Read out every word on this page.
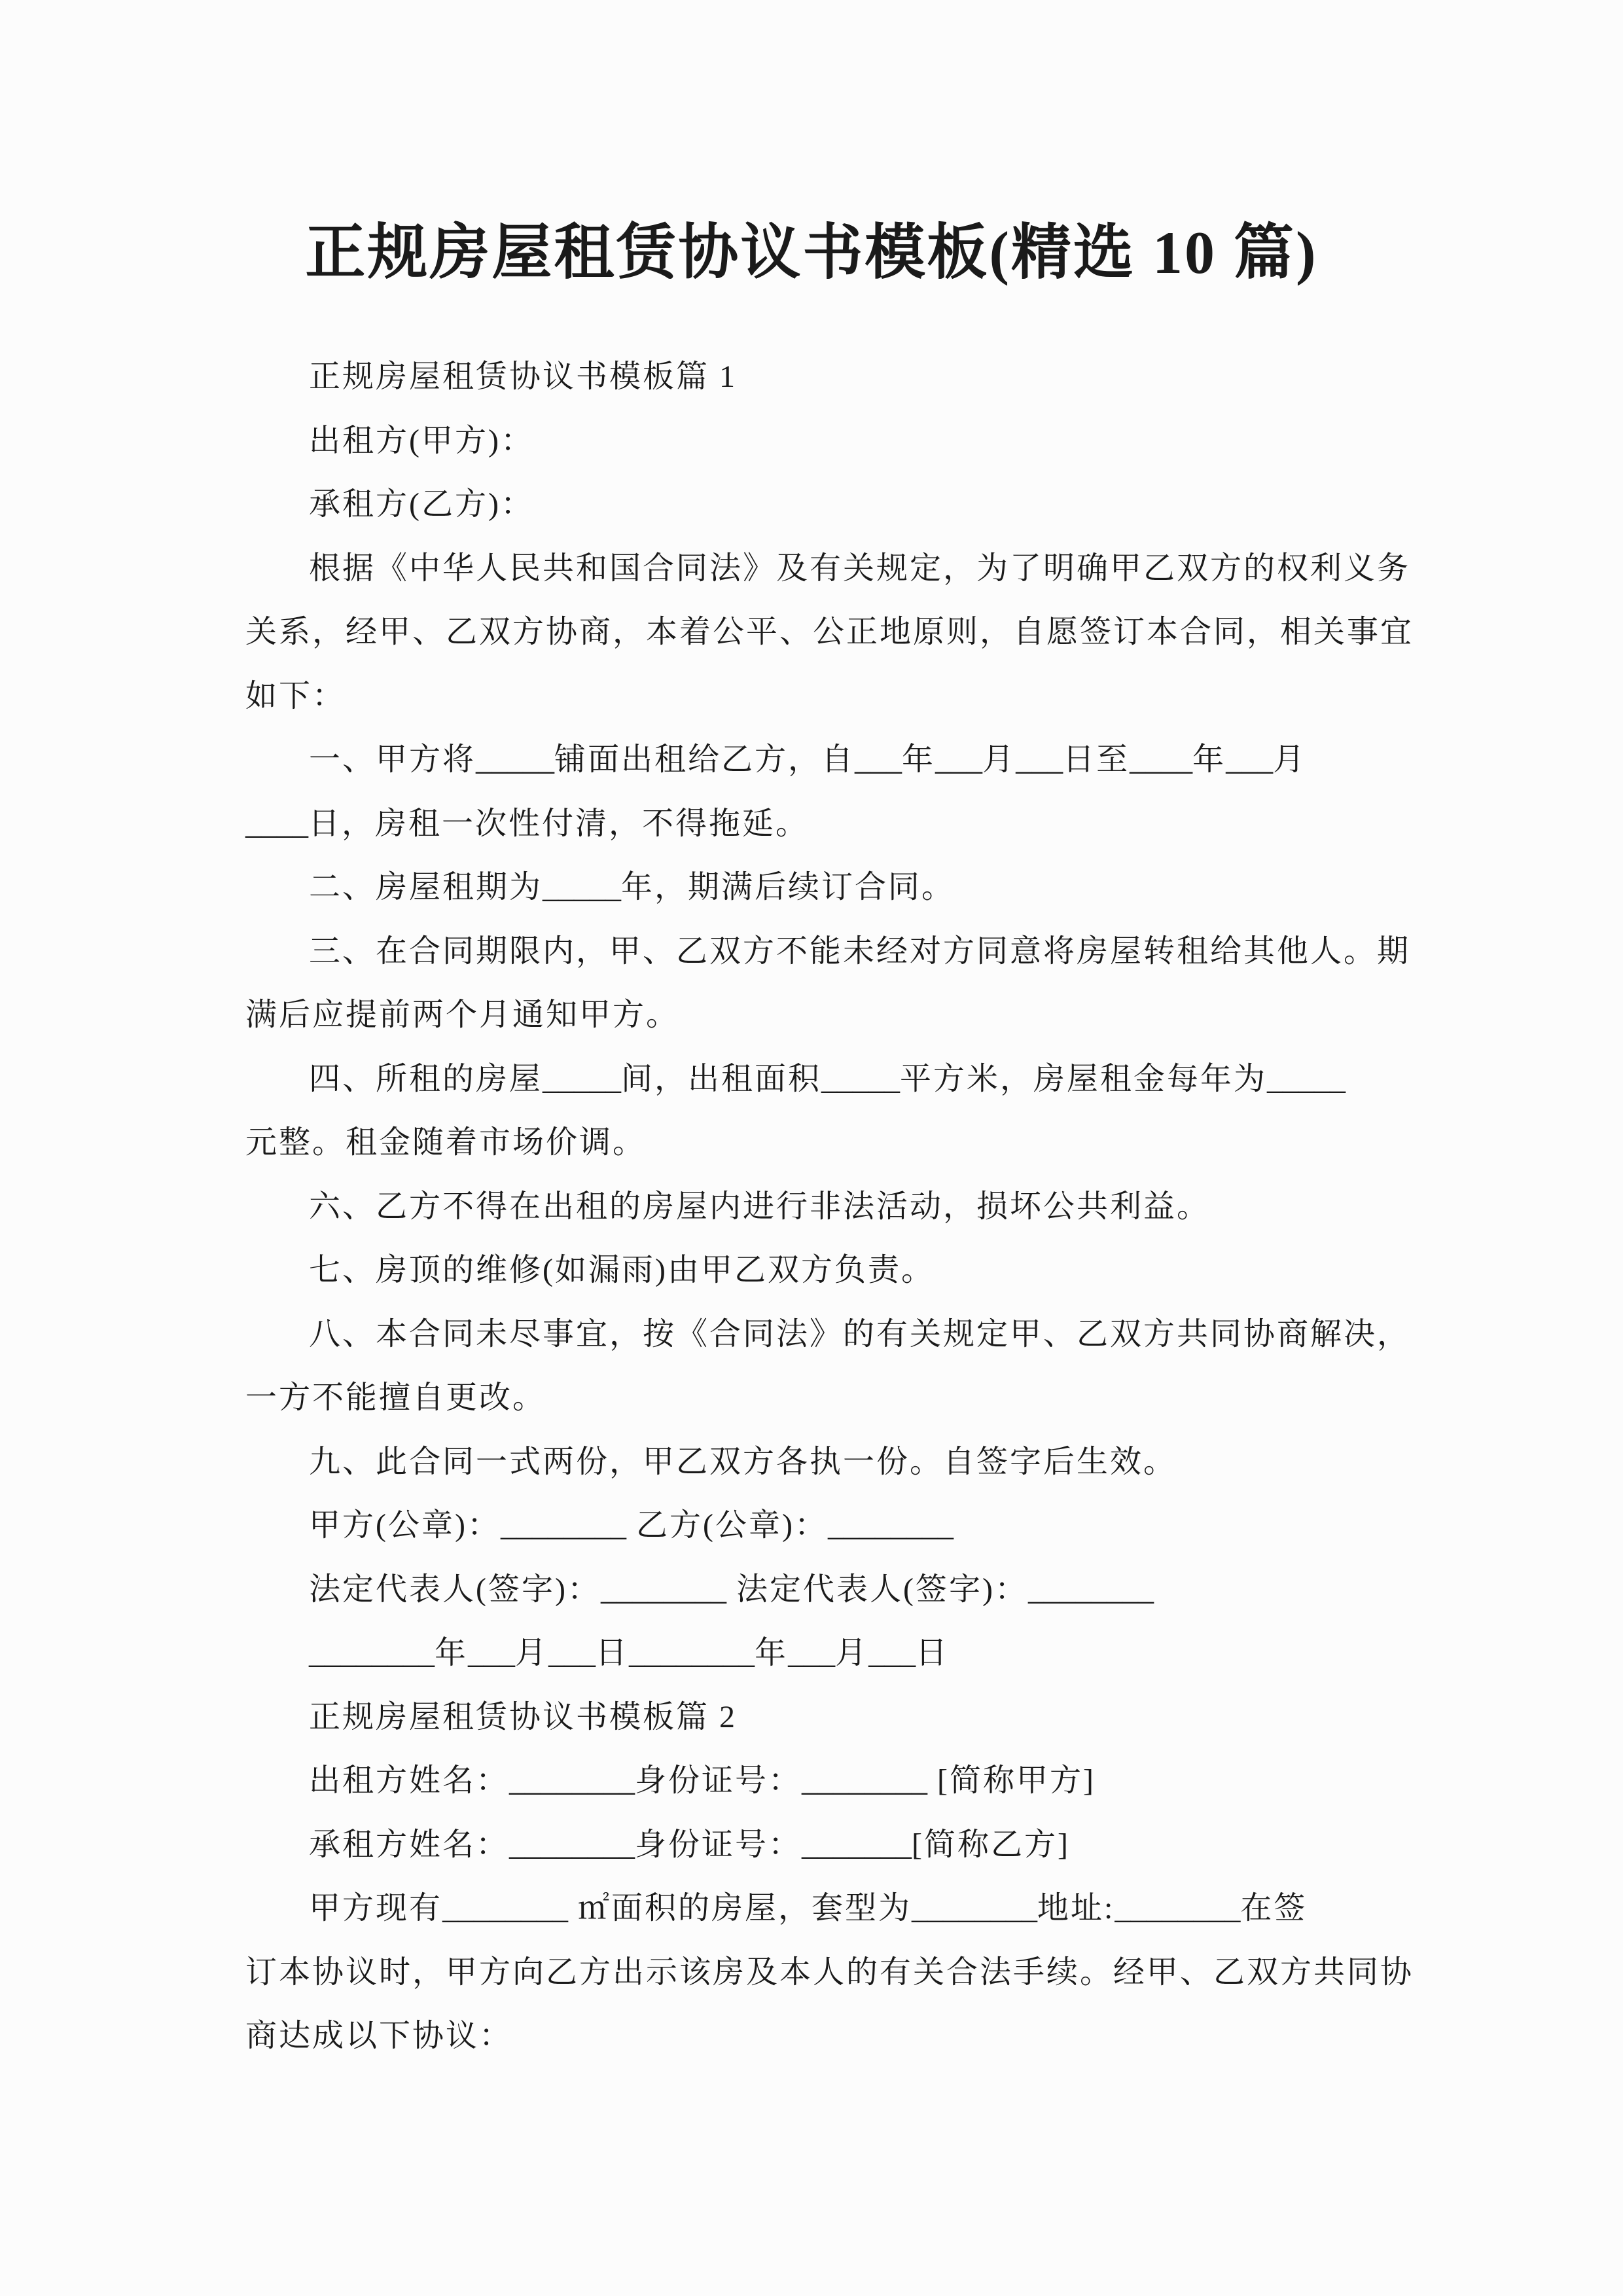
正规房屋租赁协议书模板(精选 10 篇)
正规房屋租赁协议书模板篇 1
出租方(甲方)：
承租方(乙方)：
根据《中华人民共和国合同法》及有关规定，为了明确甲乙双方的权利义务
关系，经甲、乙双方协商，本着公平、公正地原则，自愿签订本合同，相关事宜
如下：
一、甲方将_____铺面出租给乙方，自___年___月___日至____年___月
____日，房租一次性付清，不得拖延。
二、房屋租期为_____年，期满后续订合同。
三、在合同期限内，甲、乙双方不能未经对方同意将房屋转租给其他人。期
满后应提前两个月通知甲方。
四、所租的房屋_____间，出租面积_____平方米，房屋租金每年为_____
元整。租金随着市场价调。
六、乙方不得在出租的房屋内进行非法活动，损坏公共利益。
七、房顶的维修(如漏雨)由甲乙双方负责。
八、本合同未尽事宜，按《合同法》的有关规定甲、乙双方共同协商解决，
一方不能擅自更改。
九、此合同一式两份，甲乙双方各执一份。自签字后生效。
甲方(公章)：________ 乙方(公章)：________
法定代表人(签字)：________ 法定代表人(签字)：________
________年___月___日________年___月___日
正规房屋租赁协议书模板篇 2
出租方姓名：________身份证号：________ [简称甲方]
承租方姓名：________身份证号：_______[简称乙方]
甲方现有________ ㎡面积的房屋，套型为________地址:________在签
订本协议时，甲方向乙方出示该房及本人的有关合法手续。经甲、乙双方共同协
商达成以下协议：
